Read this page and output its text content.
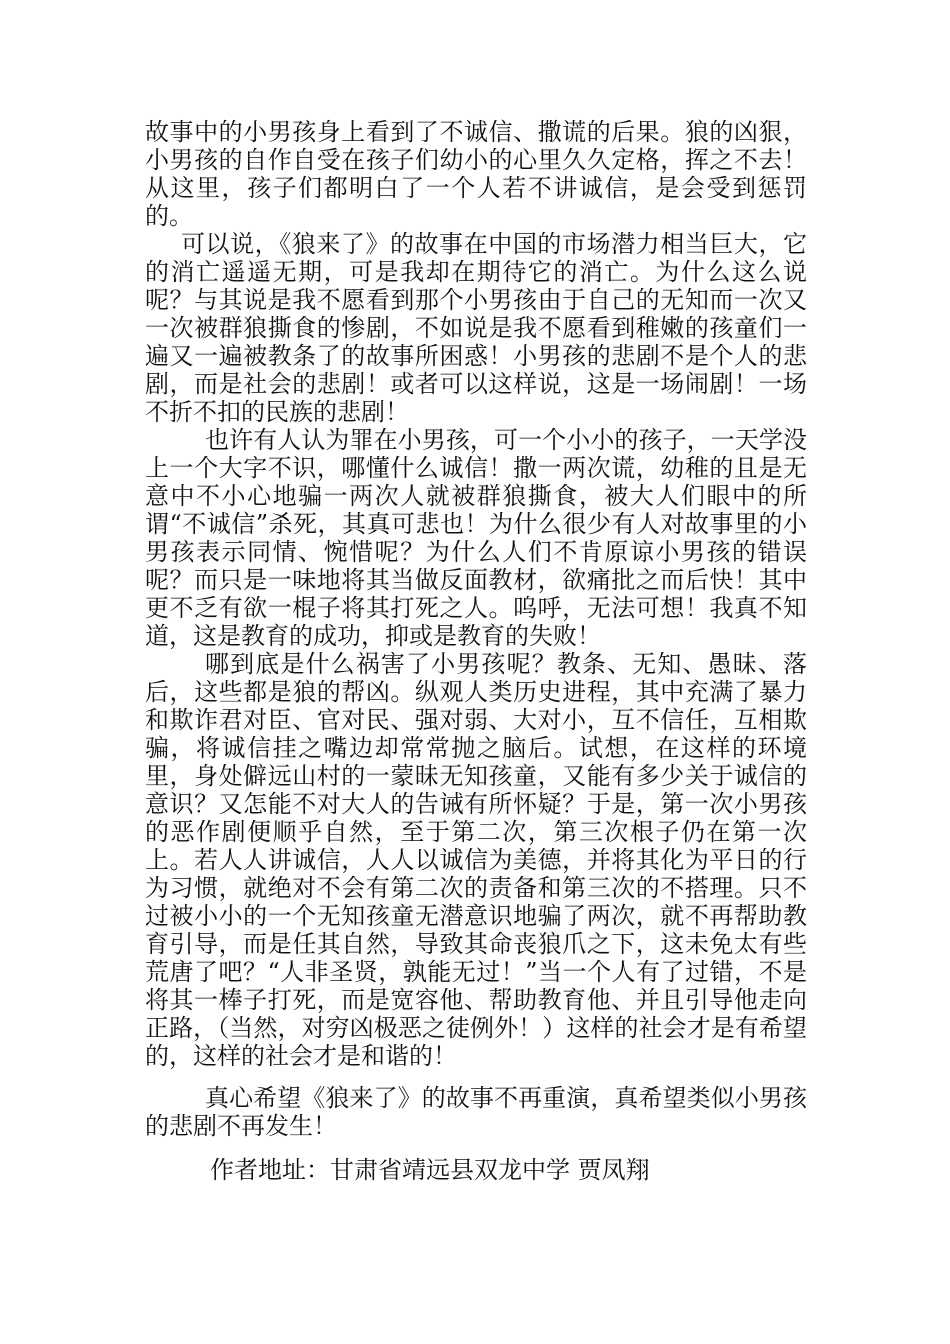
故事中的小男孩身上看到了不诚信、撒谎的后果。狼的凶狠，小男孩的自作自受在孩子们幼小的心里久久定格，挥之不去！从这里，孩子们都明白了一个人若不讲诚信，是会受到惩罚的。

可以说，《狼来了》的故事在中国的市场潜力相当巨大，它的消亡遥遥无期，可是我却在期待它的消亡。为什么这么说呢？与其说是我不愿看到那个小男孩由于自己的无知而一次又一次被群狼撕食的惨剧，不如说是我不愿看到稚嫩的孩童们一遍又一遍被教条了的故事所困惑！小男孩的悲剧不是个人的悲剧，而是社会的悲剧！或者可以这样说，这是一场闹剧！一场不折不扣的民族的悲剧！

也许有人认为罪在小男孩，可一个小小的孩子，一天学没上一个大字不识，哪懂什么诚信！撒一两次谎，幼稚的且是无意中不小心地骗一两次人就被群狼撕食，被大人们眼中的所谓“不诚信”杀死，其真可悲也！为什么很少有人对故事里的小男孩表示同情、惋惜呢？为什么人们不肯原谅小男孩的错误呢？而只是一味地将其当做反面教材，欲痛批之而后快！其中更不乏有欲一棍子将其打死之人。呜呼，无法可想！我真不知道，这是教育的成功，抑或是教育的失败！

哪到底是什么祸害了小男孩呢？教条、无知、愚昧、落后，这些都是狼的帮凶。纵观人类历史进程，其中充满了暴力和欺诈君对臣、官对民、强对弱、大对小，互不信任，互相欺骗，将诚信挂之嘴边却常常抛之脑后。试想，在这样的环境里，身处僻远山村的一蒙昧无知孩童，又能有多少关于诚信的意识？又怎能不对大人的告诫有所怀疑？于是，第一次小男孩的恶作剧便顺乎自然，至于第二次，第三次根子仍在第一次上。若人人讲诚信，人人以诚信为美德，并将其化为平日的行为习惯，就绝对不会有第二次的责备和第三次的不搭理。只不过被小小的一个无知孩童无潜意识地骗了两次，就不再帮助教育引导，而是任其自然，导致其命丧狼爪之下，这未免太有些荒唐了吧？“人非圣贤，孰能无过！”当一个人有了过错，不是将其一棒子打死，而是宽容他、帮助教育他、并且引导他走向正路，（当然，对穷凶极恶之徒例外！）这样的社会才是有希望的，这样的社会才是和谐的！

真心希望《狼来了》的故事不再重演，真希望类似小男孩的悲剧不再发生！

作者地址：甘肃省靖远县双龙中学 贾凤翔
